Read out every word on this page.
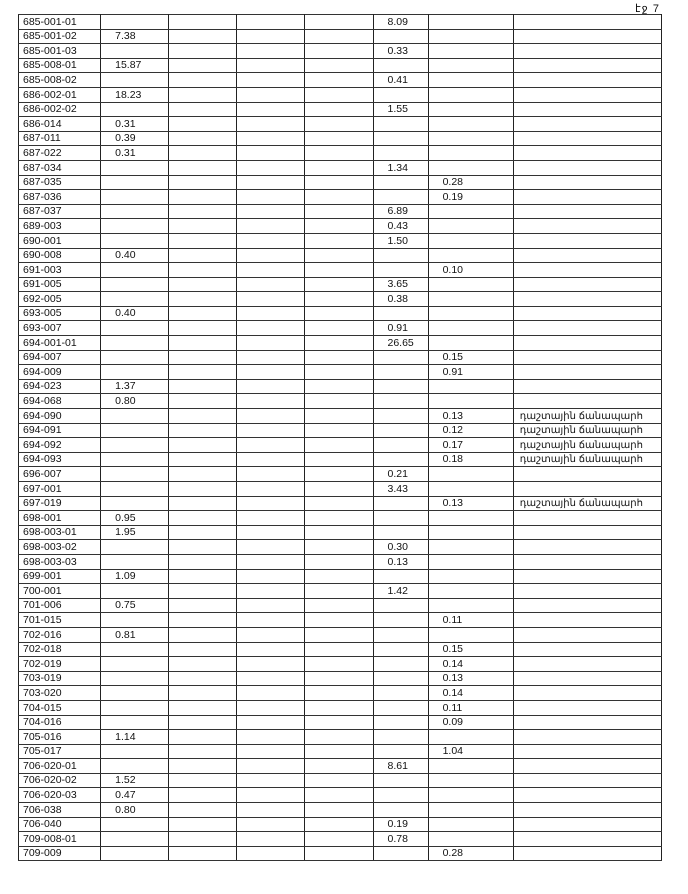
էջ 7
685-001-01					8.09		
685-001-02	7.38						
685-001-03					0.33		
685-008-01	15.87						
685-008-02					0.41		
686-002-01	18.23						
686-002-02					1.55		
686-014	0.31						
687-011	0.39						
687-022	0.31						
687-034					1.34		
687-035						0.28	
687-036						0.19	
687-037					6.89		
689-003					0.43		
690-001					1.50		
690-008	0.40						
691-003						0.10	
691-005					3.65		
692-005					0.38		
693-005	0.40						
693-007					0.91		
694-001-01					26.65		
694-007						0.15	
694-009						0.91	
694-023	1.37						
694-068	0.80						
694-090						0.13	դաշտային ճանապարհ
694-091						0.12	դաշտային ճանապարհ
694-092						0.17	դաշտային ճանապարհ
694-093						0.18	դաշտային ճանապարհ
696-007					0.21		
697-001					3.43		
697-019						0.13	դաշտային ճանապարհ
698-001	0.95						
698-003-01	1.95						
698-003-02					0.30		
698-003-03					0.13		
699-001	1.09						
700-001					1.42		
701-006	0.75						
701-015						0.11	
702-016	0.81						
702-018						0.15	
702-019						0.14	
703-019						0.13	
703-020						0.14	
704-015						0.11	
704-016						0.09	
705-016	1.14						
705-017						1.04	
706-020-01					8.61		
706-020-02	1.52						
706-020-03	0.47						
706-038	0.80						
706-040					0.19		
709-008-01					0.78		
709-009						0.28	
